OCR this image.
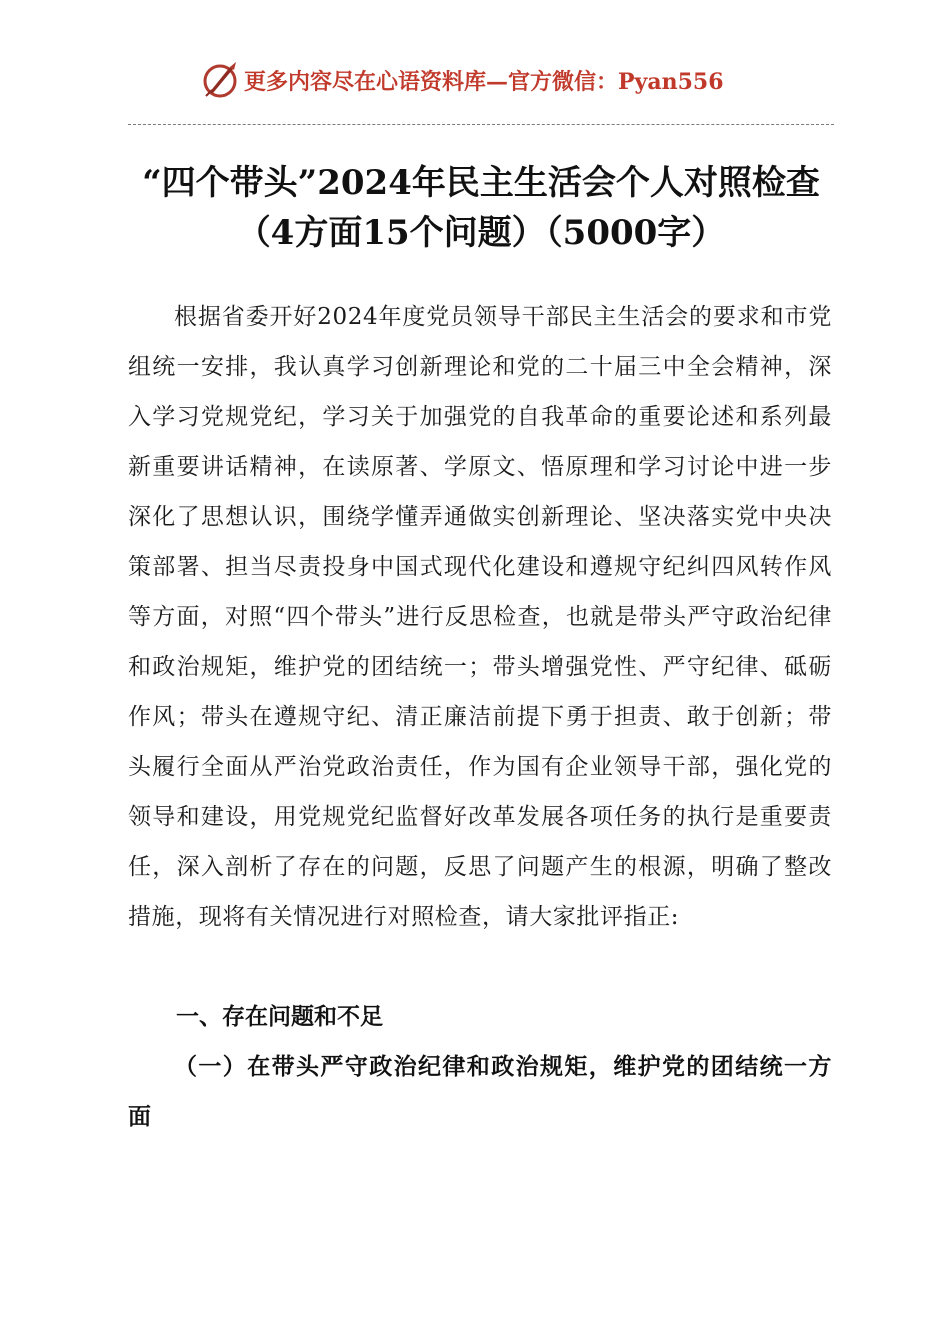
更多内容尽在心语资料库—官方微信：Pyan556
“四个带头”2024年民主生活会个人对照检查（4方面15个问题）（5000字）

根据省委开好2024年度党员领导干部民主生活会的要求和市党组统一安排，我认真学习创新理论和党的二十届三中全会精神，深入学习党规党纪，学习关于加强党的自我革命的重要论述和系列最新重要讲话精神，在读原著、学原文、悟原理和学习讨论中进一步深化了思想认识，围绕学懂弄通做实创新理论、坚决落实党中央决策部署、担当尽责投身中国式现代化建设和遵规守纪纠四风转作风等方面，对照“四个带头”进行反思检查，也就是带头严守政治纪律和政治规矩，维护党的团结统一；带头增强党性、严守纪律、砥砺作风；带头在遵规守纪、清正廉洁前提下勇于担责、敢于创新；带头履行全面从严治党政治责任，作为国有企业领导干部，强化党的领导和建设，用党规党纪监督好改革发展各项任务的执行是重要责任，深入剖析了存在的问题，反思了问题产生的根源，明确了整改措施，现将有关情况进行对照检查，请大家批评指正:

一、存在问题和不足
（一）在带头严守政治纪律和政治规矩，维护党的团结统一方面
